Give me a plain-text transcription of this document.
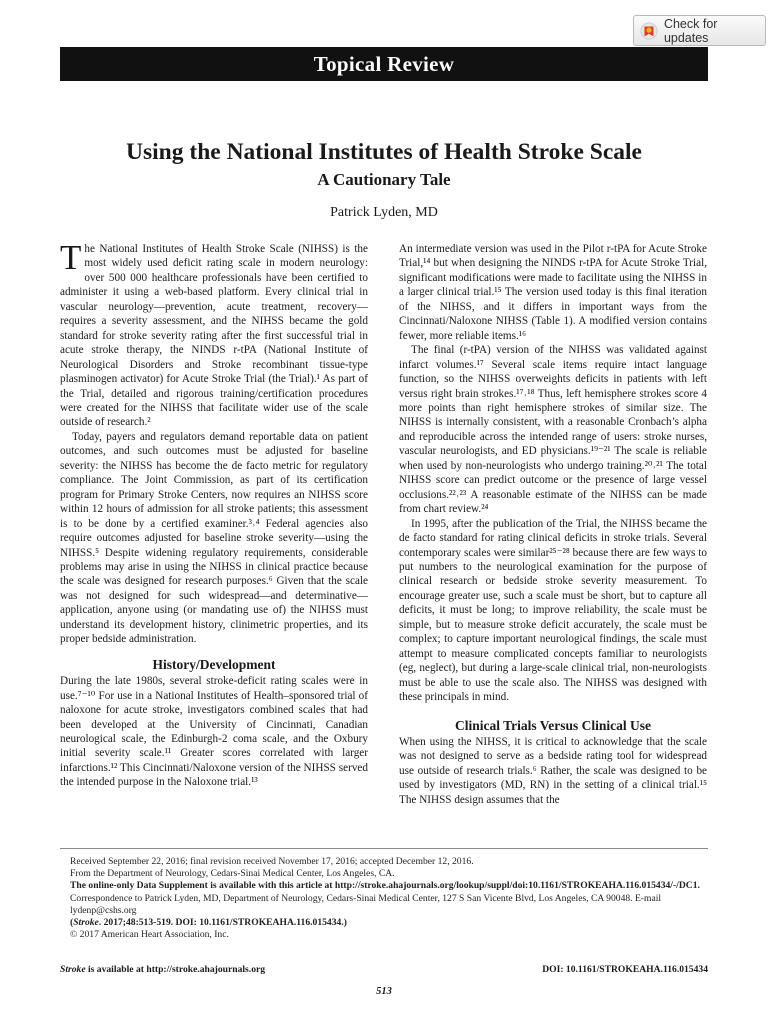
Check for updates
Topical Review
Using the National Institutes of Health Stroke Scale
A Cautionary Tale

Patrick Lyden, MD

The National Institutes of Health Stroke Scale (NIHSS) is the most widely used deficit rating scale in modern neurology: over 500 000 healthcare professionals have been certified to administer it using a web-based platform. Every clinical trial in vascular neurology—prevention, acute treatment, recovery—requires a severity assessment, and the NIHSS became the gold standard for stroke severity rating after the first successful trial in acute stroke therapy, the NINDS r-tPA (National Institute of Neurological Disorders and Stroke recombinant tissue-type plasminogen activator) for Acute Stroke Trial (the Trial).¹ As part of the Trial, detailed and rigorous training/certification procedures were created for the NIHSS that facilitate wider use of the scale outside of research.²

Today, payers and regulators demand reportable data on patient outcomes, and such outcomes must be adjusted for baseline severity: the NIHSS has become the de facto metric for regulatory compliance. The Joint Commission, as part of its certification program for Primary Stroke Centers, now requires an NIHSS score within 12 hours of admission for all stroke patients; this assessment is to be done by a certified examiner.³˒⁴ Federal agencies also require outcomes adjusted for baseline stroke severity—using the NIHSS.⁵ Despite widening regulatory requirements, considerable problems may arise in using the NIHSS in clinical practice because the scale was designed for research purposes.⁶ Given that the scale was not designed for such widespread—and determinative—application, anyone using (or mandating use of) the NIHSS must understand its development history, clinimetric properties, and its proper bedside administration.

History/Development

During the late 1980s, several stroke-deficit rating scales were in use.⁷⁻¹⁰ For use in a National Institutes of Health–sponsored trial of naloxone for acute stroke, investigators combined scales that had been developed at the University of Cincinnati, Canadian neurological scale, the Edinburgh-2 coma scale, and the Oxbury initial severity scale.¹¹ Greater scores correlated with larger infarctions.¹² This Cincinnati/Naloxone version of the NIHSS served the intended purpose in the Naloxone trial.¹³

An intermediate version was used in the Pilot r-tPA for Acute Stroke Trial,¹⁴ but when designing the NINDS r-tPA for Acute Stroke Trial, significant modifications were made to facilitate using the NIHSS in a larger clinical trial.¹⁵ The version used today is this final iteration of the NIHSS, and it differs in important ways from the Cincinnati/Naloxone NIHSS (Table 1). A modified version contains fewer, more reliable items.¹⁶

The final (r-tPA) version of the NIHSS was validated against infarct volumes.¹⁷ Several scale items require intact language function, so the NIHSS overweights deficits in patients with left versus right brain strokes.¹⁷˒¹⁸ Thus, left hemisphere strokes score 4 more points than right hemisphere strokes of similar size. The NIHSS is internally consistent, with a reasonable Cronbach’s alpha and reproducible across the intended range of users: stroke nurses, vascular neurologists, and ED physicians.¹⁹⁻²¹ The scale is reliable when used by non-neurologists who undergo training.²⁰˒²¹ The total NIHSS score can predict outcome or the presence of large vessel occlusions.²²˒²³ A reasonable estimate of the NIHSS can be made from chart review.²⁴

In 1995, after the publication of the Trial, the NIHSS became the de facto standard for rating clinical deficits in stroke trials. Several contemporary scales were similar²⁵⁻²⁸ because there are few ways to put numbers to the neurological examination for the purpose of clinical research or bedside stroke severity measurement. To encourage greater use, such a scale must be short, but to capture all deficits, it must be long; to improve reliability, the scale must be simple, but to measure stroke deficit accurately, the scale must be complex; to capture important neurological findings, the scale must attempt to measure complicated concepts familiar to neurologists (eg, neglect), but during a large-scale clinical trial, non-neurologists must be able to use the scale also. The NIHSS was designed with these principals in mind.

Clinical Trials Versus Clinical Use

When using the NIHSS, it is critical to acknowledge that the scale was not designed to serve as a bedside rating tool for widespread use outside of research trials.⁶ Rather, the scale was designed to be used by investigators (MD, RN) in the setting of a clinical trial.¹⁵ The NIHSS design assumes that the

Received September 22, 2016; final revision received November 17, 2016; accepted December 12, 2016.
From the Department of Neurology, Cedars-Sinai Medical Center, Los Angeles, CA.
The online-only Data Supplement is available with this article at http://stroke.ahajournals.org/lookup/suppl/doi:10.1161/STROKEAHA.116.015434/-/DC1.
Correspondence to Patrick Lyden, MD, Department of Neurology, Cedars-Sinai Medical Center, 127 S San Vicente Blvd, Los Angeles, CA 90048. E-mail lydenp@cshs.org
(Stroke. 2017;48:513-519. DOI: 10.1161/STROKEAHA.116.015434.)
© 2017 American Heart Association, Inc.
Stroke is available at http://stroke.ahajournals.org	DOI: 10.1161/STROKEAHA.116.015434
513
